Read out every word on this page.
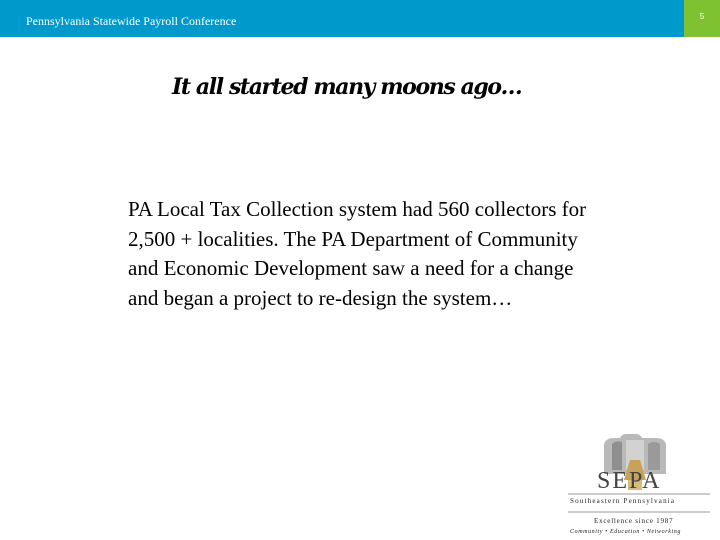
Pennsylvania Statewide Payroll Conference	5
It all started many moons ago…
PA Local Tax Collection system had 560 collectors for 2,500 + localities. The PA Department of Community and Economic Development saw a need for a change and began a project to re-design the system…
SEPA
Southeastern Pennsylvania
Excellence since 1987
Community • Education • Networking
